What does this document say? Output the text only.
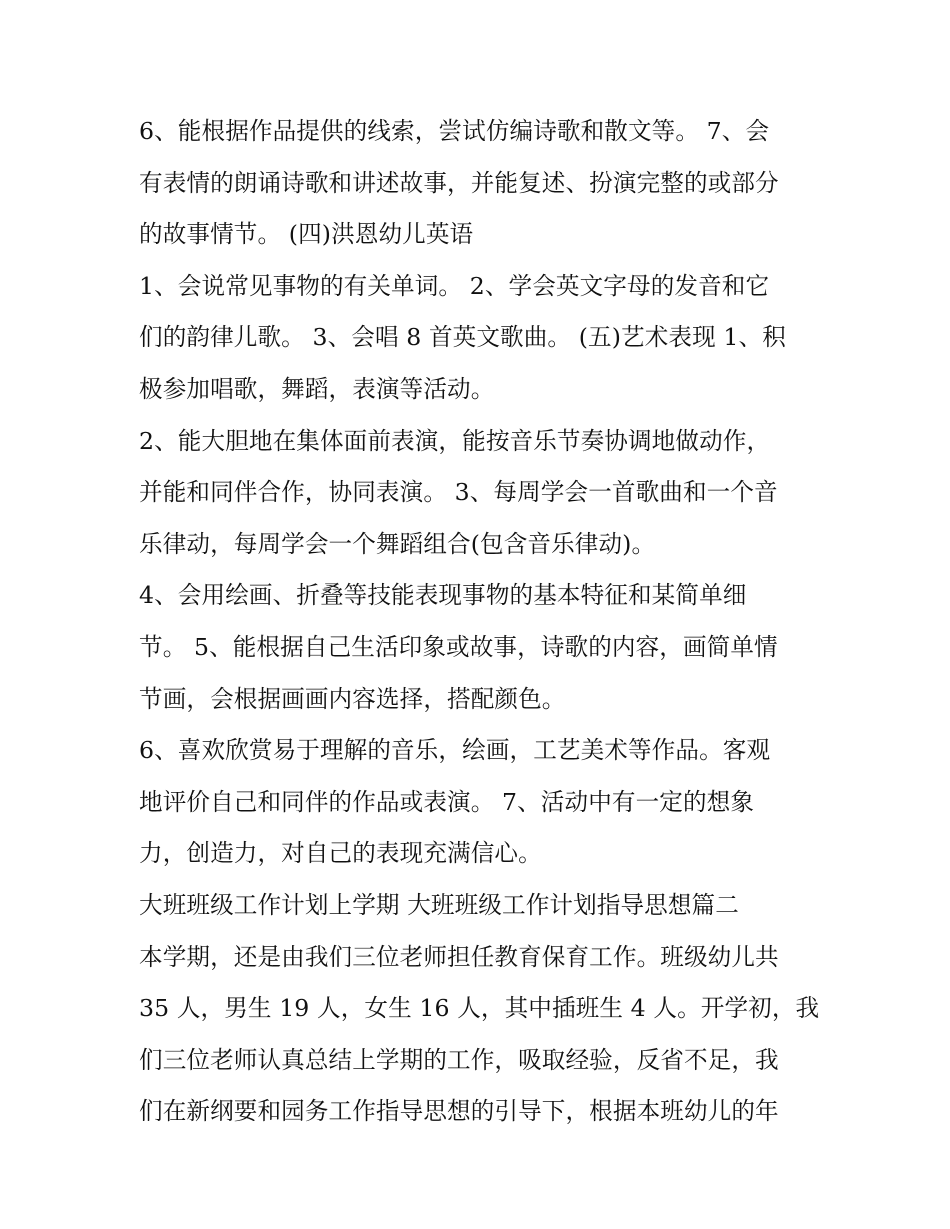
6、能根据作品提供的线索，尝试仿编诗歌和散文等。 7、会
有表情的朗诵诗歌和讲述故事，并能复述、扮演完整的或部分
的故事情节。 (四)洪恩幼儿英语
1、会说常见事物的有关单词。 2、学会英文字母的发音和它
们的韵律儿歌。 3、会唱 8 首英文歌曲。 (五)艺术表现 1、积
极参加唱歌，舞蹈，表演等活动。
2、能大胆地在集体面前表演，能按音乐节奏协调地做动作，
并能和同伴合作，协同表演。 3、每周学会一首歌曲和一个音
乐律动，每周学会一个舞蹈组合(包含音乐律动)。
4、会用绘画、折叠等技能表现事物的基本特征和某简单细
节。 5、能根据自己生活印象或故事，诗歌的内容，画简单情
节画，会根据画画内容选择，搭配颜色。
6、喜欢欣赏易于理解的音乐，绘画，工艺美术等作品。客观
地评价自己和同伴的作品或表演。 7、活动中有一定的想象
力，创造力，对自己的表现充满信心。
大班班级工作计划上学期 大班班级工作计划指导思想篇二
本学期，还是由我们三位老师担任教育保育工作。班级幼儿共
35 人，男生 19 人，女生 16 人，其中插班生 4 人。开学初，我
们三位老师认真总结上学期的工作，吸取经验，反省不足，我
们在新纲要和园务工作指导思想的引导下，根据本班幼儿的年
